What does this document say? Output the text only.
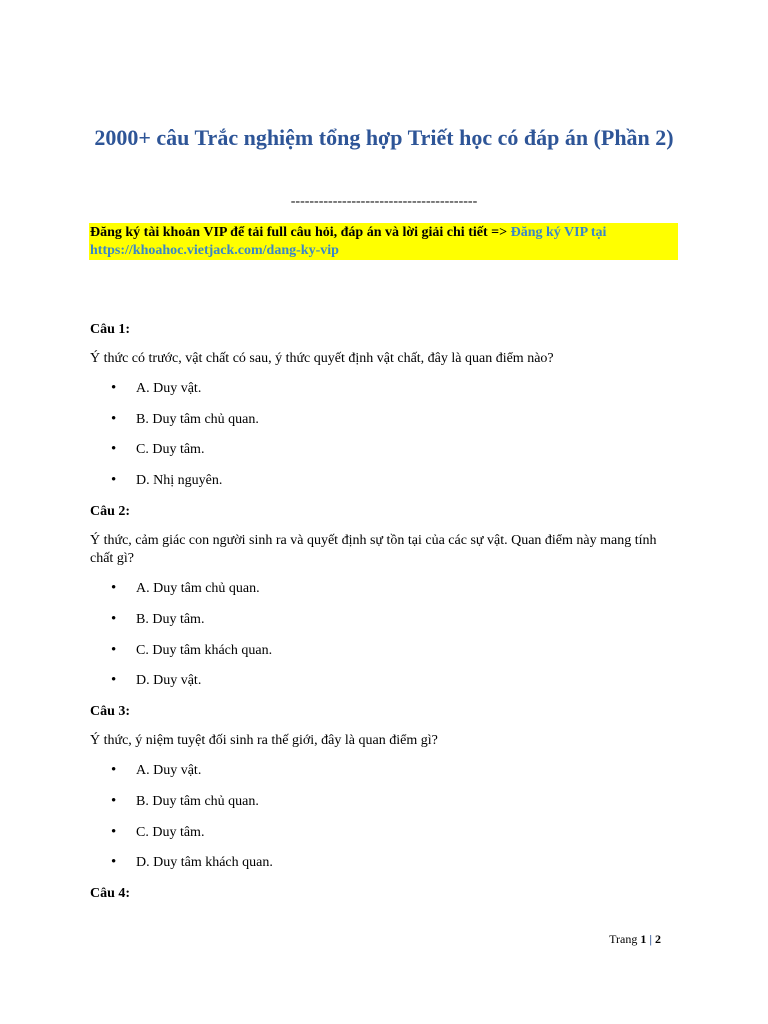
2000+ câu Trắc nghiệm tổng hợp Triết học có đáp án (Phần 2)
----------------------------------------
Đăng ký tài khoản VIP để tải full câu hỏi, đáp án và lời giải chi tiết => Đăng ký VIP tại https://khoahoc.vietjack.com/dang-ky-vip
Câu 1:
Ý thức có trước, vật chất có sau, ý thức quyết định vật chất, đây là quan điểm nào?
• A. Duy vật.
• B. Duy tâm chủ quan.
• C. Duy tâm.
• D. Nhị nguyên.
Câu 2:
Ý thức, cảm giác con người sinh ra và quyết định sự tồn tại của các sự vật. Quan điểm này mang tính chất gì?
• A. Duy tâm chủ quan.
• B. Duy tâm.
• C. Duy tâm khách quan.
• D. Duy vật.
Câu 3:
Ý thức, ý niệm tuyệt đối sinh ra thế giới, đây là quan điểm gì?
• A. Duy vật.
• B. Duy tâm chủ quan.
• C. Duy tâm.
• D. Duy tâm khách quan.
Câu 4:
Trang 1 | 2
